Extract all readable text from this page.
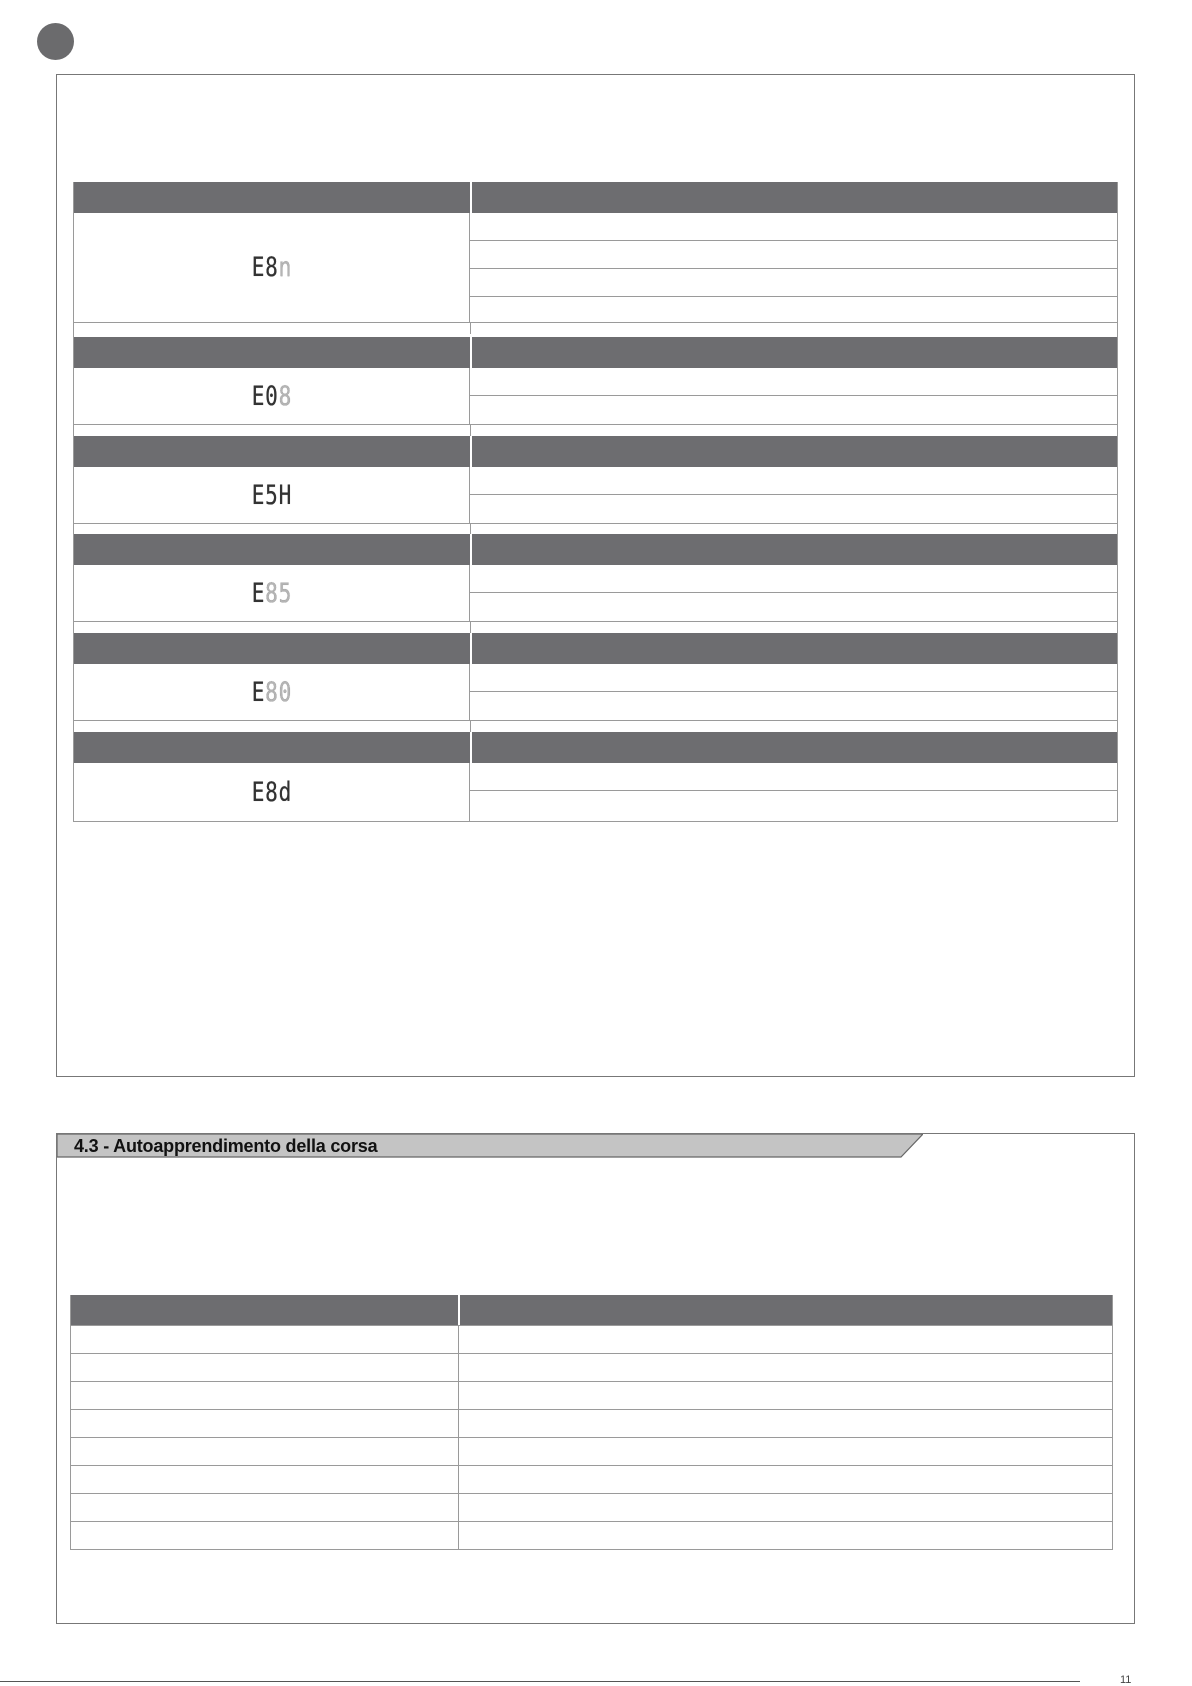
E8n
E08
E5H
E85
E80
E8d
4.3 - Autoapprendimento della corsa
11
